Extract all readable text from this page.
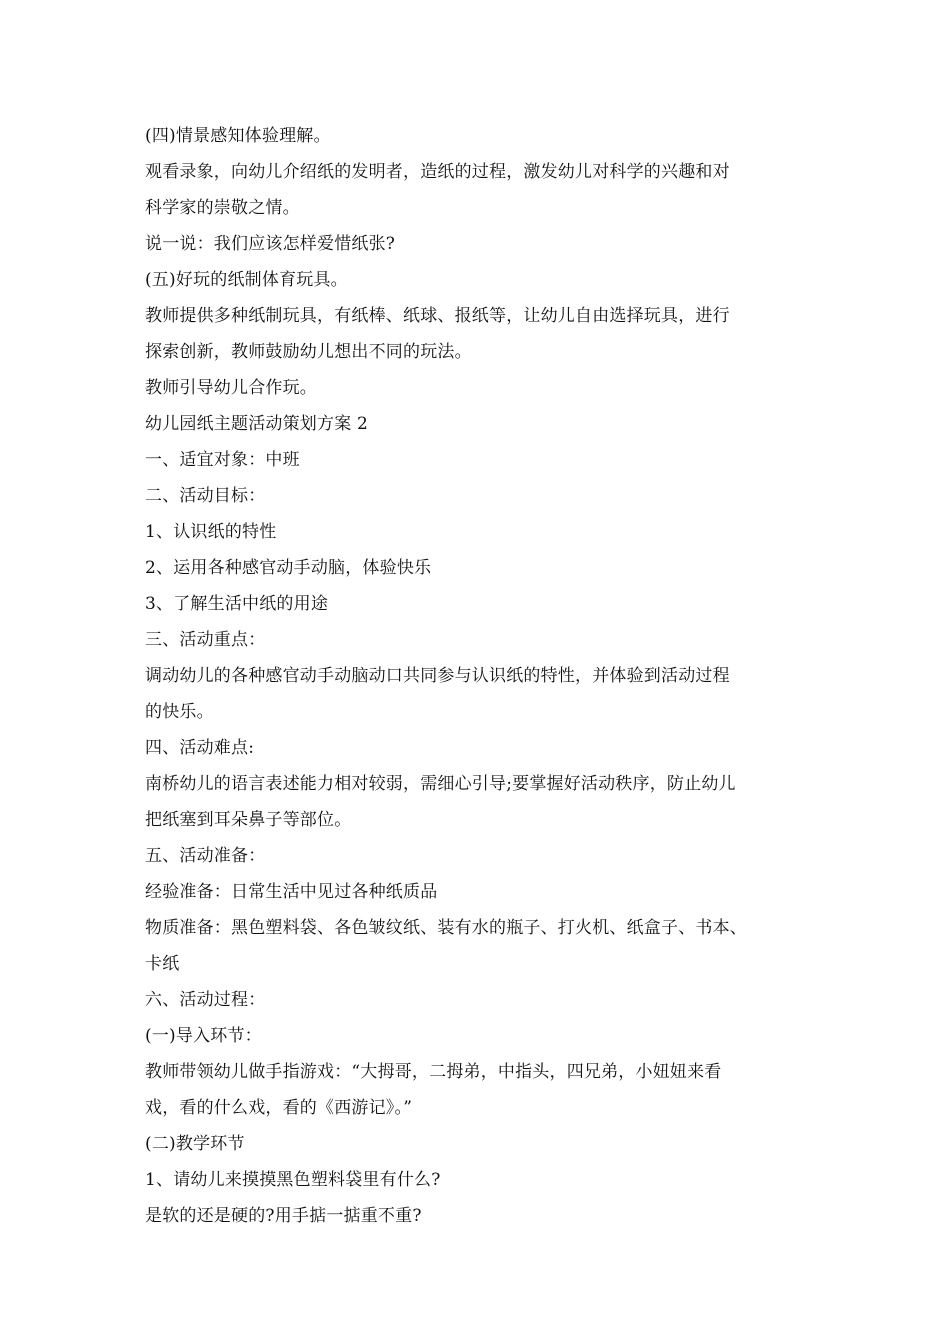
(四)情景感知体验理解。
观看录象，向幼儿介绍纸的发明者，造纸的过程，激发幼儿对科学的兴趣和对
科学家的崇敬之情。
说一说：我们应该怎样爱惜纸张?
(五)好玩的纸制体育玩具。
教师提供多种纸制玩具，有纸棒、纸球、报纸等，让幼儿自由选择玩具，进行
探索创新，教师鼓励幼儿想出不同的玩法。
教师引导幼儿合作玩。
幼儿园纸主题活动策划方案 2
一、适宜对象：中班
二、活动目标：
1、认识纸的特性
2、运用各种感官动手动脑，体验快乐
3、了解生活中纸的用途
三、活动重点：
调动幼儿的各种感官动手动脑动口共同参与认识纸的特性，并体验到活动过程
的快乐。
四、活动难点:
南桥幼儿的语言表述能力相对较弱，需细心引导;要掌握好活动秩序，防止幼儿
把纸塞到耳朵鼻子等部位。
五、活动准备：
经验准备：日常生活中见过各种纸质品
物质准备：黑色塑料袋、各色皱纹纸、装有水的瓶子、打火机、纸盒子、书本、
卡纸
六、活动过程：
(一)导入环节：
教师带领幼儿做手指游戏：“大拇哥，二拇弟，中指头，四兄弟，小妞妞来看
戏，看的什么戏，看的《西游记》。”
(二)教学环节
1、请幼儿来摸摸黑色塑料袋里有什么?
是软的还是硬的?用手掂一掂重不重?
